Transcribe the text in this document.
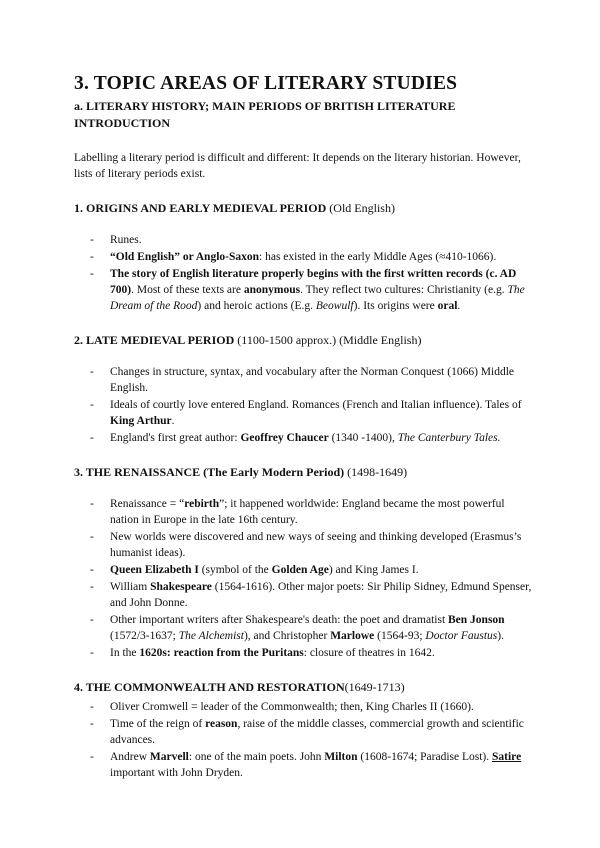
3. TOPIC AREAS OF LITERARY STUDIES

a. LITERARY HISTORY; MAIN PERIODS OF BRITISH LITERATURE

INTRODUCTION

Labelling a literary period is difficult and different: It depends on the literary historian. However, lists of literary periods exist.

1. ORIGINS AND EARLY MEDIEVAL PERIOD (Old English)

- Runes.
- “Old English” or Anglo-Saxon: has existed in the early Middle Ages (≈410-1066).
- The story of English literature properly begins with the first written records (c. AD 700). Most of these texts are anonymous. They reflect two cultures: Christianity (e.g. The Dream of the Rood) and heroic actions (E.g. Beowulf). Its origins were oral.

2. LATE MEDIEVAL PERIOD (1100-1500 approx.) (Middle English)

- Changes in structure, syntax, and vocabulary after the Norman Conquest (1066) Middle English.
- Ideals of courtly love entered England. Romances (French and Italian influence). Tales of King Arthur.
- England's first great author: Geoffrey Chaucer (1340 -1400), The Canterbury Tales.

3. THE RENAISSANCE (The Early Modern Period) (1498-1649)

- Renaissance = “rebirth”; it happened worldwide: England became the most powerful nation in Europe in the late 16th century.
- New worlds were discovered and new ways of seeing and thinking developed (Erasmus’s humanist ideas).
- Queen Elizabeth I (symbol of the Golden Age) and King James I.
- William Shakespeare (1564-1616). Other major poets: Sir Philip Sidney, Edmund Spenser, and John Donne.
- Other important writers after Shakespeare's death: the poet and dramatist Ben Jonson (1572/3-1637; The Alchemist), and Christopher Marlowe (1564-93; Doctor Faustus).
- In the 1620s: reaction from the Puritans: closure of theatres in 1642.

4. THE COMMONWEALTH AND RESTORATION(1649-1713)

- Oliver Cromwell = leader of the Commonwealth; then, King Charles II (1660).
- Time of the reign of reason, raise of the middle classes, commercial growth and scientific advances.
- Andrew Marvell: one of the main poets. John Milton (1608-1674; Paradise Lost). Satire important with John Dryden.
